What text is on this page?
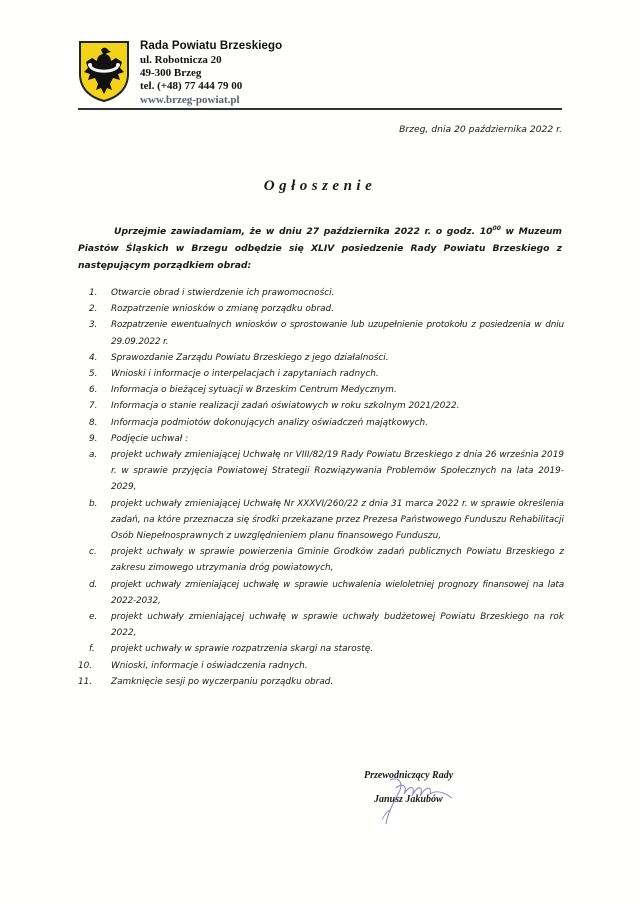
Rada Powiatu Brzeskiego
ul. Robotnicza 20
49-300 Brzeg
tel. (+48) 77 444 79 00
www.brzeg-powiat.pl
Brzeg, dnia 20 października 2022 r.
Ogłoszenie
Uprzejmie zawiadamiam, że w dniu 27 października 2022 r. o godz. $10^{00}$ w Muzeum Piastów Śląskich w Brzegu odbędzie się XLIV posiedzenie Rady Powiatu Brzeskiego z następującym porządkiem obrad:
1. Otwarcie obrad i stwierdzenie ich prawomocności.
2. Rozpatrzenie wniosków o zmianę porządku obrad.
3. Rozpatrzenie ewentualnych wniosków o sprostowanie lub uzupełnienie protokołu z posiedzenia w dniu 29.09.2022 r.
4. Sprawozdanie Zarządu Powiatu Brzeskiego z jego działalności.
5. Wnioski i informacje o interpelacjach i zapytaniach radnych.
6. Informacja o bieżącej sytuacji w Brzeskim Centrum Medycznym.
7. Informacja o stanie realizacji zadań oświatowych w roku szkolnym 2021/2022.
8. Informacja podmiotów dokonujących analizy oświadczeń majątkowych.
9. Podjęcie uchwał :
a. projekt uchwały zmieniającej Uchwałę nr VIII/82/19 Rady Powiatu Brzeskiego z dnia 26 września 2019 r. w sprawie przyjęcia Powiatowej Strategii Rozwiązywania Problemów Społecznych na lata 2019-2029,
b. projekt uchwały zmieniającej Uchwałę Nr XXXVI/260/22 z dnia 31 marca 2022 r. w sprawie określenia zadań, na które przeznacza się środki przekazane przez Prezesa Państwowego Funduszu Rehabilitacji Osób Niepełnosprawnych z uwzględnieniem planu finansowego Funduszu,
c. projekt uchwały w sprawie powierzenia Gminie Grodków zadań publicznych Powiatu Brzeskiego z zakresu zimowego utrzymania dróg powiatowych,
d. projekt uchwały zmieniającej uchwałę w sprawie uchwalenia wieloletniej prognozy finansowej na lata 2022-2032,
e. projekt uchwały zmieniającej uchwałę w sprawie uchwały budżetowej Powiatu Brzeskiego na rok 2022,
f. projekt uchwały w sprawie rozpatrzenia skargi na starostę.
10. Wnioski, informacje i oświadczenia radnych.
11. Zamknięcie sesji po wyczerpaniu porządku obrad.
Przewodniczący Rady
Janusz Jakubów
